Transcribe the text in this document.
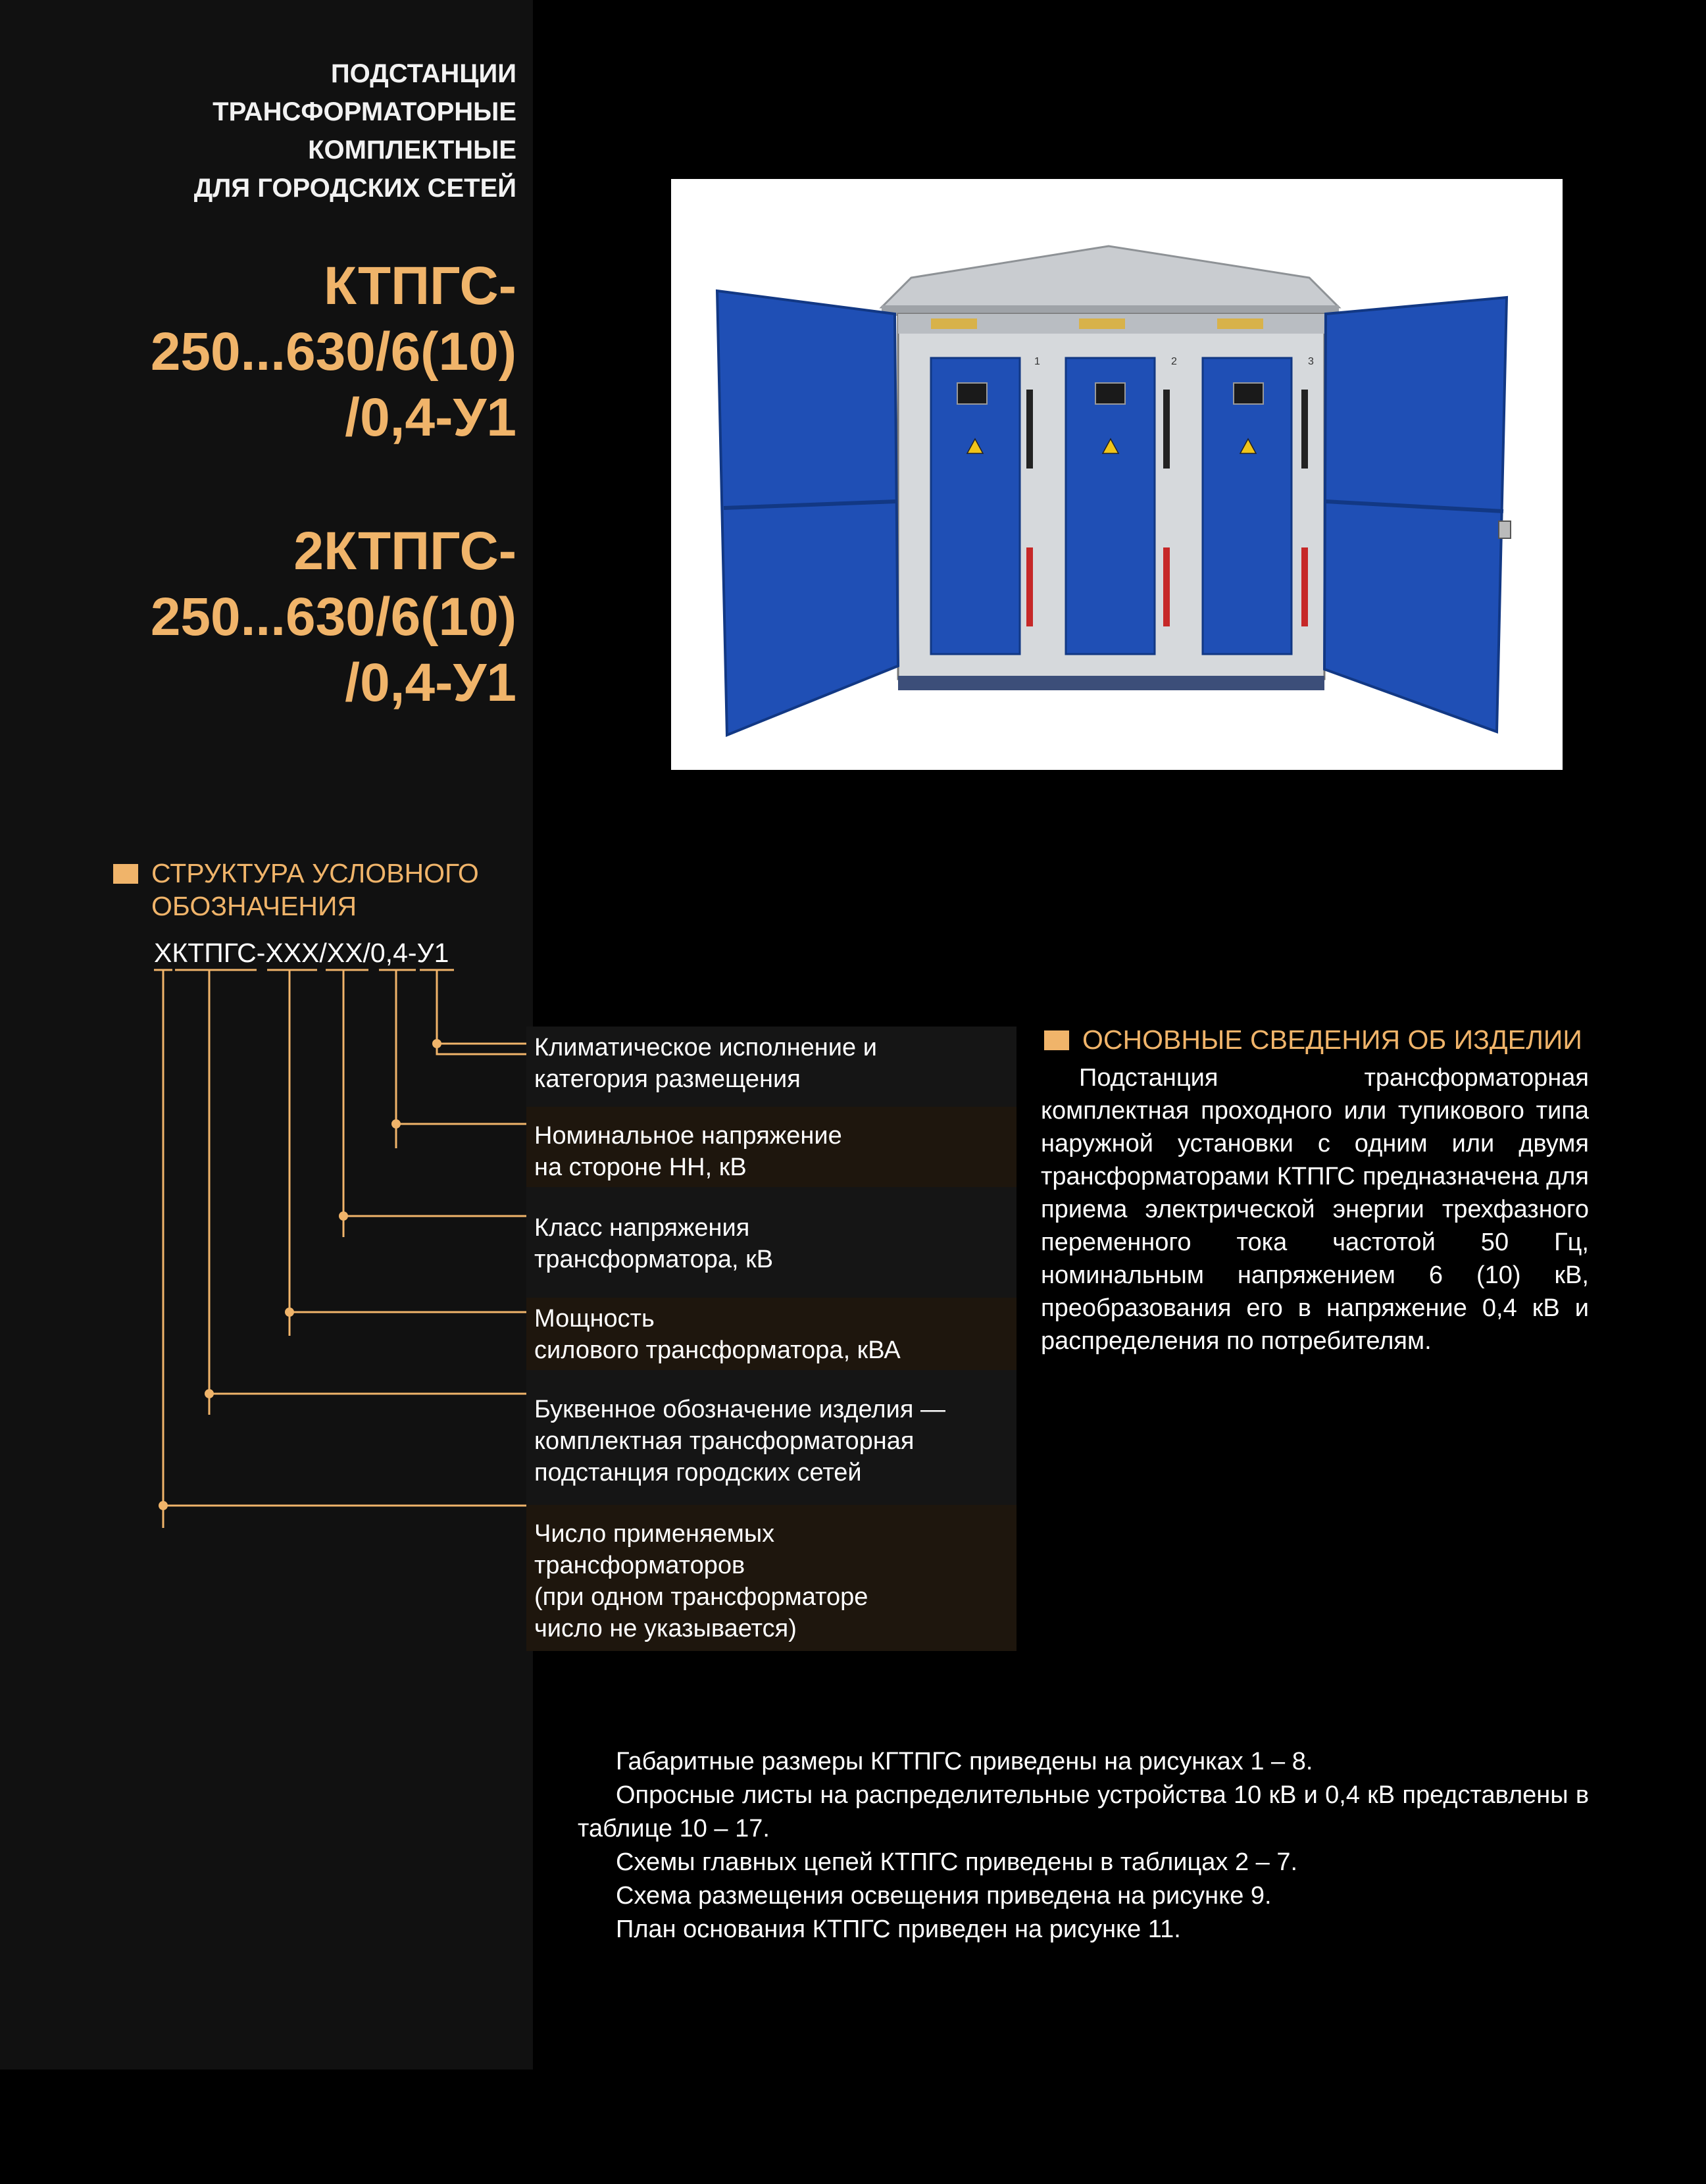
ПОДСТАНЦИИ
ТРАНСФОРМАТОРНЫЕ
КОМПЛЕКТНЫЕ
ДЛЯ ГОРОДСКИХ СЕТЕЙ
КТПГС-
250...630/6(10)
/0,4-У1
2КТПГС-
250...630/6(10)
/0,4-У1
1	2	3
СТРУКТУРА УСЛОВНОГО
ОБОЗНАЧЕНИЯ
ХКТПГС-ХХХ/ХХ/0,4-У1
Климатическое исполнение и
категория размещения
Номинальное напряжение
на стороне НН, кВ
Класс напряжения
трансформатора, кВ
Мощность
силового трансформатора, кВА
Буквенное обозначение изделия —
комплектная трансформаторная
подстанция городских сетей
Число применяемых
трансформаторов
(при одном трансформаторе
число не указывается)
ОСНОВНЫЕ СВЕДЕНИЯ ОБ ИЗДЕЛИИ
Подстанция трансформаторная комплектная проходного или тупикового типа наружной установки с одним или двумя трансформаторами КТПГС предназначена для приема электрической энергии трехфазного переменного тока частотой 50 Гц, номинальным напряжением 6 (10) кВ, преобразования его в напряжение 0,4 кВ и распределения по потребителям.

Габаритные размеры КГТПГС приведены на рисунках 1 – 8.

Опросные листы на распределительные устройства 10 кВ и 0,4 кВ представлены в таблице 10 – 17.

Схемы главных цепей КТПГС приведены в таблицах 2 – 7.

Схема размещения освещения приведена на рисунке 9.

План основания КТПГС приведен на рисунке 11.
